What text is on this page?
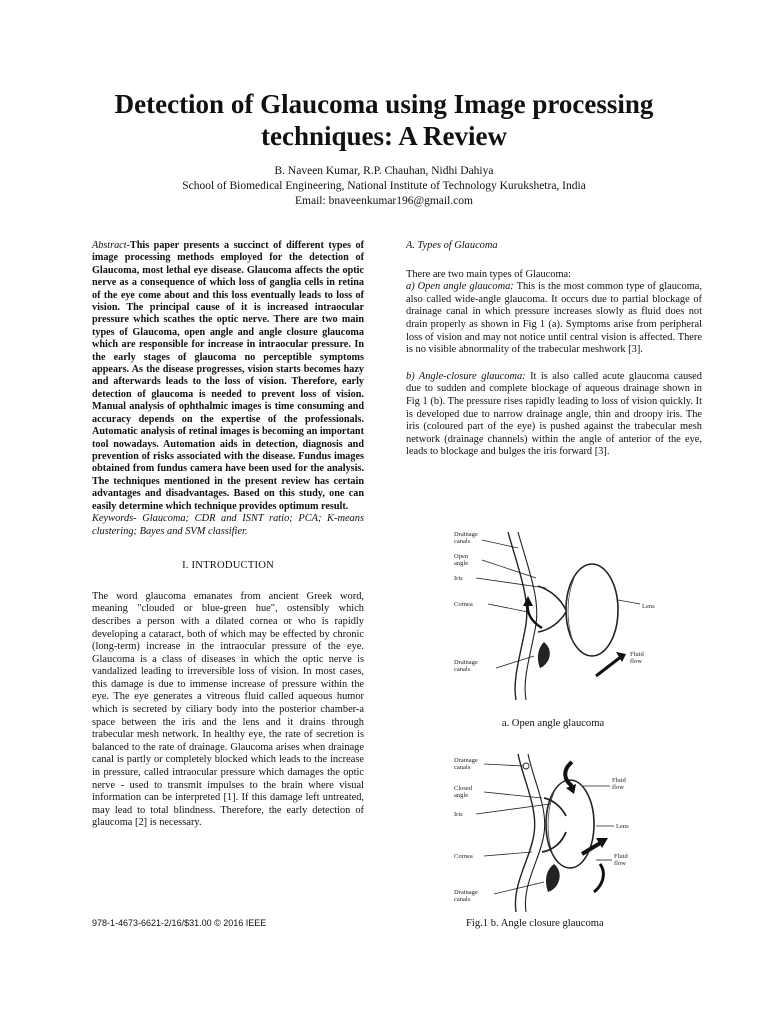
Detection of Glaucoma using Image processing techniques: A Review
B. Naveen Kumar, R.P. Chauhan, Nidhi Dahiya
School of Biomedical Engineering, National Institute of Technology Kurukshetra, India
Email: bnaveenkumar196@gmail.com

Abstract-This paper presents a succinct of different types of image processing methods employed for the detection of Glaucoma, most lethal eye disease. Glaucoma affects the optic nerve as a consequence of which loss of ganglia cells in retina of the eye come about and this loss eventually leads to loss of vision. The principal cause of it is increased intraocular pressure which scathes the optic nerve. There are two main types of Glaucoma, open angle and angle closure glaucoma which are responsible for increase in intraocular pressure. In the early stages of glaucoma no perceptible symptoms appears. As the disease progresses, vision starts becomes hazy and afterwards leads to the loss of vision. Therefore, early detection of glaucoma is needed to prevent loss of vision. Manual analysis of ophthalmic images is time consuming and accuracy depends on the expertise of the professionals. Automatic analysis of retinal images is becoming an important tool nowadays. Automation aids in detection, diagnosis and prevention of risks associated with the disease. Fundus images obtained from fundus camera have been used for the analysis. The techniques mentioned in the present review has certain advantages and disadvantages. Based on this study, one can easily determine which technique provides optimum result.

Keywords- Glaucoma; CDR and ISNT ratio; PCA; K-means clustering; Bayes and SVM classifier.

I. INTRODUCTION

The word glaucoma emanates from ancient Greek word, meaning "clouded or blue-green hue", ostensibly which describes a person with a dilated cornea or who is rapidly developing a cataract, both of which may be effected by chronic (long-term) increase in the intraocular pressure of the eye. Glaucoma is a class of diseases in which the optic nerve is vandalized leading to irreversible loss of vision. In most cases, this damage is due to immense increase of pressure within the eye. The eye generates a vitreous fluid called aqueous humor which is secreted by ciliary body into the posterior chamber-a space between the iris and the lens and it drains through trabecular mesh network. In healthy eye, the rate of secretion is balanced to the rate of drainage. Glaucoma arises when drainage canal is partly or completely blocked which leads to the increase in pressure, called intraocular pressure which damages the optic nerve - used to transmit impulses to the brain where visual information can be interpreted [1]. If this damage left untreated, may lead to total blindness. Therefore, the early detection of glaucoma [2] is necessary.

978-1-4673-6621-2/16/$31.00 © 2016 IEEE
A. Types of Glaucoma

There are two main types of Glaucoma:

a) Open angle glaucoma: This is the most common type of glaucoma, also called wide-angle glaucoma. It occurs due to partial blockage of drainage canal in which pressure increases slowly as fluid does not drain properly as shown in Fig 1 (a). Symptoms arise from peripheral loss of vision and may not notice until central vision is affected. There is no visible abnormality of the trabecular meshwork [3].

b) Angle-closure glaucoma: It is also called acute glaucoma caused due to sudden and complete blockage of aqueous drainage shown in Fig 1 (b). The pressure rises rapidly leading to loss of vision quickly. It is developed due to narrow drainage angle, thin and droopy iris. The iris (coloured part of the eye) is pushed against the trabecular mesh network (drainage channels) within the angle of anterior of the eye, leads to blockage and bulges the iris forward [3].

Drainage
canals
Open
angle
Iris
Cornea	Lens
Fluid
flow
Drainage
canals
a. Open angle glaucoma
Drainage
canals
Closed
angle
Iris
Cornea
Lens
Fluid
flow
Fluid
flow
Drainage
canals
Fig.1 b. Angle closure glaucoma
